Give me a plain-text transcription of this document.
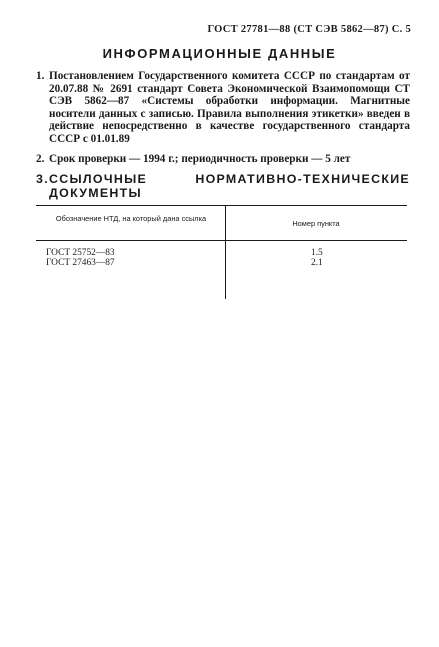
ГОСТ 27781—88 (СТ СЭВ 5862—87) С. 5
ИНФОРМАЦИОННЫЕ ДАННЫЕ
1. Постановлением Государственного комитета СССР по стандартам от 20.07.88 № 2691 стандарт Совета Экономической Взаимопомощи СТ СЭВ 5862—87 «Системы обработки информации. Магнитные носители данных с записью. Правила выполнения этикетки» введен в действие непосредственно в качестве государственного стандарта СССР с 01.01.89
2. Срок проверки — 1994 г.; периодичность проверки — 5 лет
3. ССЫЛОЧНЫЕ НОРМАТИВНО-ТЕХНИЧЕСКИЕ ДОКУМЕНТЫ
Обозначение НТД, на который дана ссылка
Номер пункта
ГОСТ 25752—83	1.5
ГОСТ 27463—87	2.1
